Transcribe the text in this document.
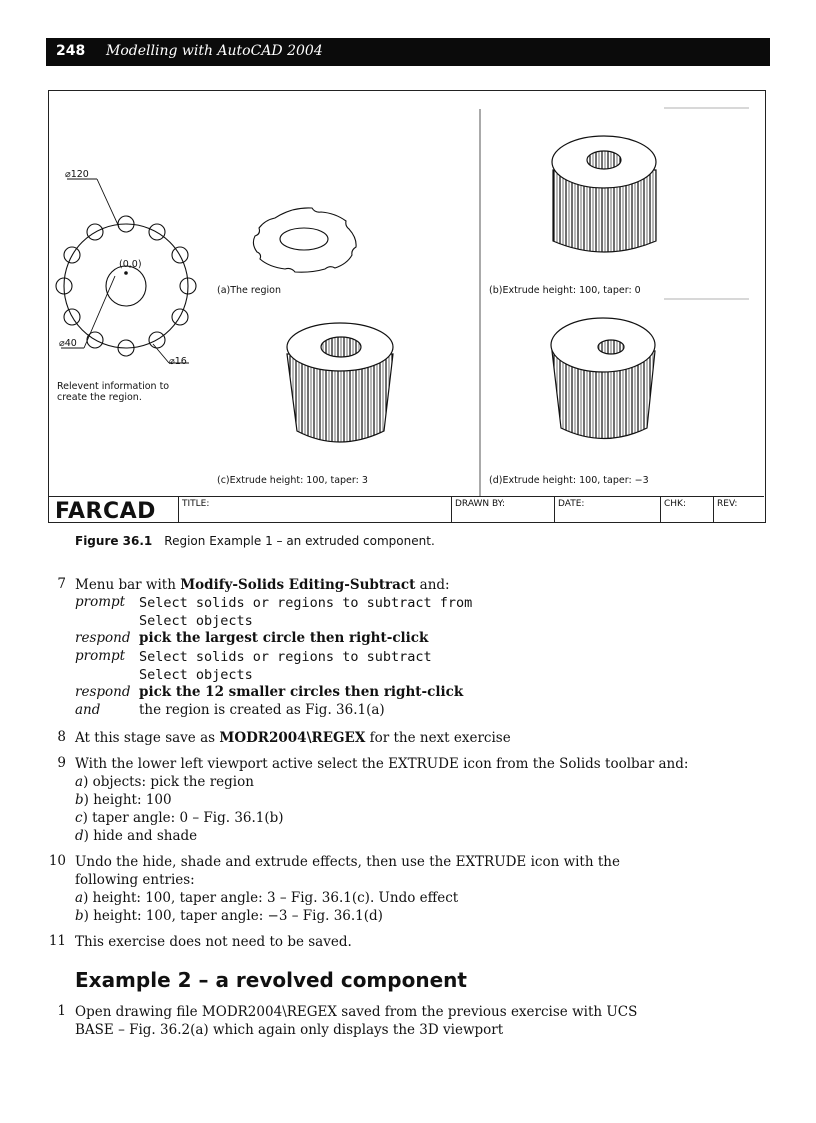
248 Modelling with AutoCAD 2004
⌀120
(0,0)
⌀40
⌀16
Relevent information to
create the region.
(a)The region	(b)Extrude height: 100, taper: 0
(c)Extrude height: 100, taper: 3	(d)Extrude height: 100, taper: −3
FARCAD	TITLE:	DRAWN BY:	DATE:	CHK:	REV:
Figure 36.1 Region Example 1 – an extruded component.
7 Menu bar with Modify-Solids Editing-Subtract and:
prompt Select solids or regions to subtract from
Select objects
respond pick the largest circle then right-click
prompt Select solids or regions to subtract
Select objects
respond pick the 12 smaller circles then right-click
and	the region is created as Fig. 36.1(a)
8 At this stage save as MODR2004\REGEX for the next exercise
9 With the lower left viewport active select the EXTRUDE icon from the Solids toolbar and:
a) objects: pick the region
b) height: 100
c) taper angle: 0 – Fig. 36.1(b)
d) hide and shade
10 Undo the hide, shade and extrude effects, then use the EXTRUDE icon with the
following entries:
a) height: 100, taper angle: 3 – Fig. 36.1(c). Undo effect
b) height: 100, taper angle: −3 – Fig. 36.1(d)
11 This exercise does not need to be saved.
Example 2 – a revolved component
1 Open drawing file MODR2004\REGEX saved from the previous exercise with UCS
BASE – Fig. 36.2(a) which again only displays the 3D viewport
